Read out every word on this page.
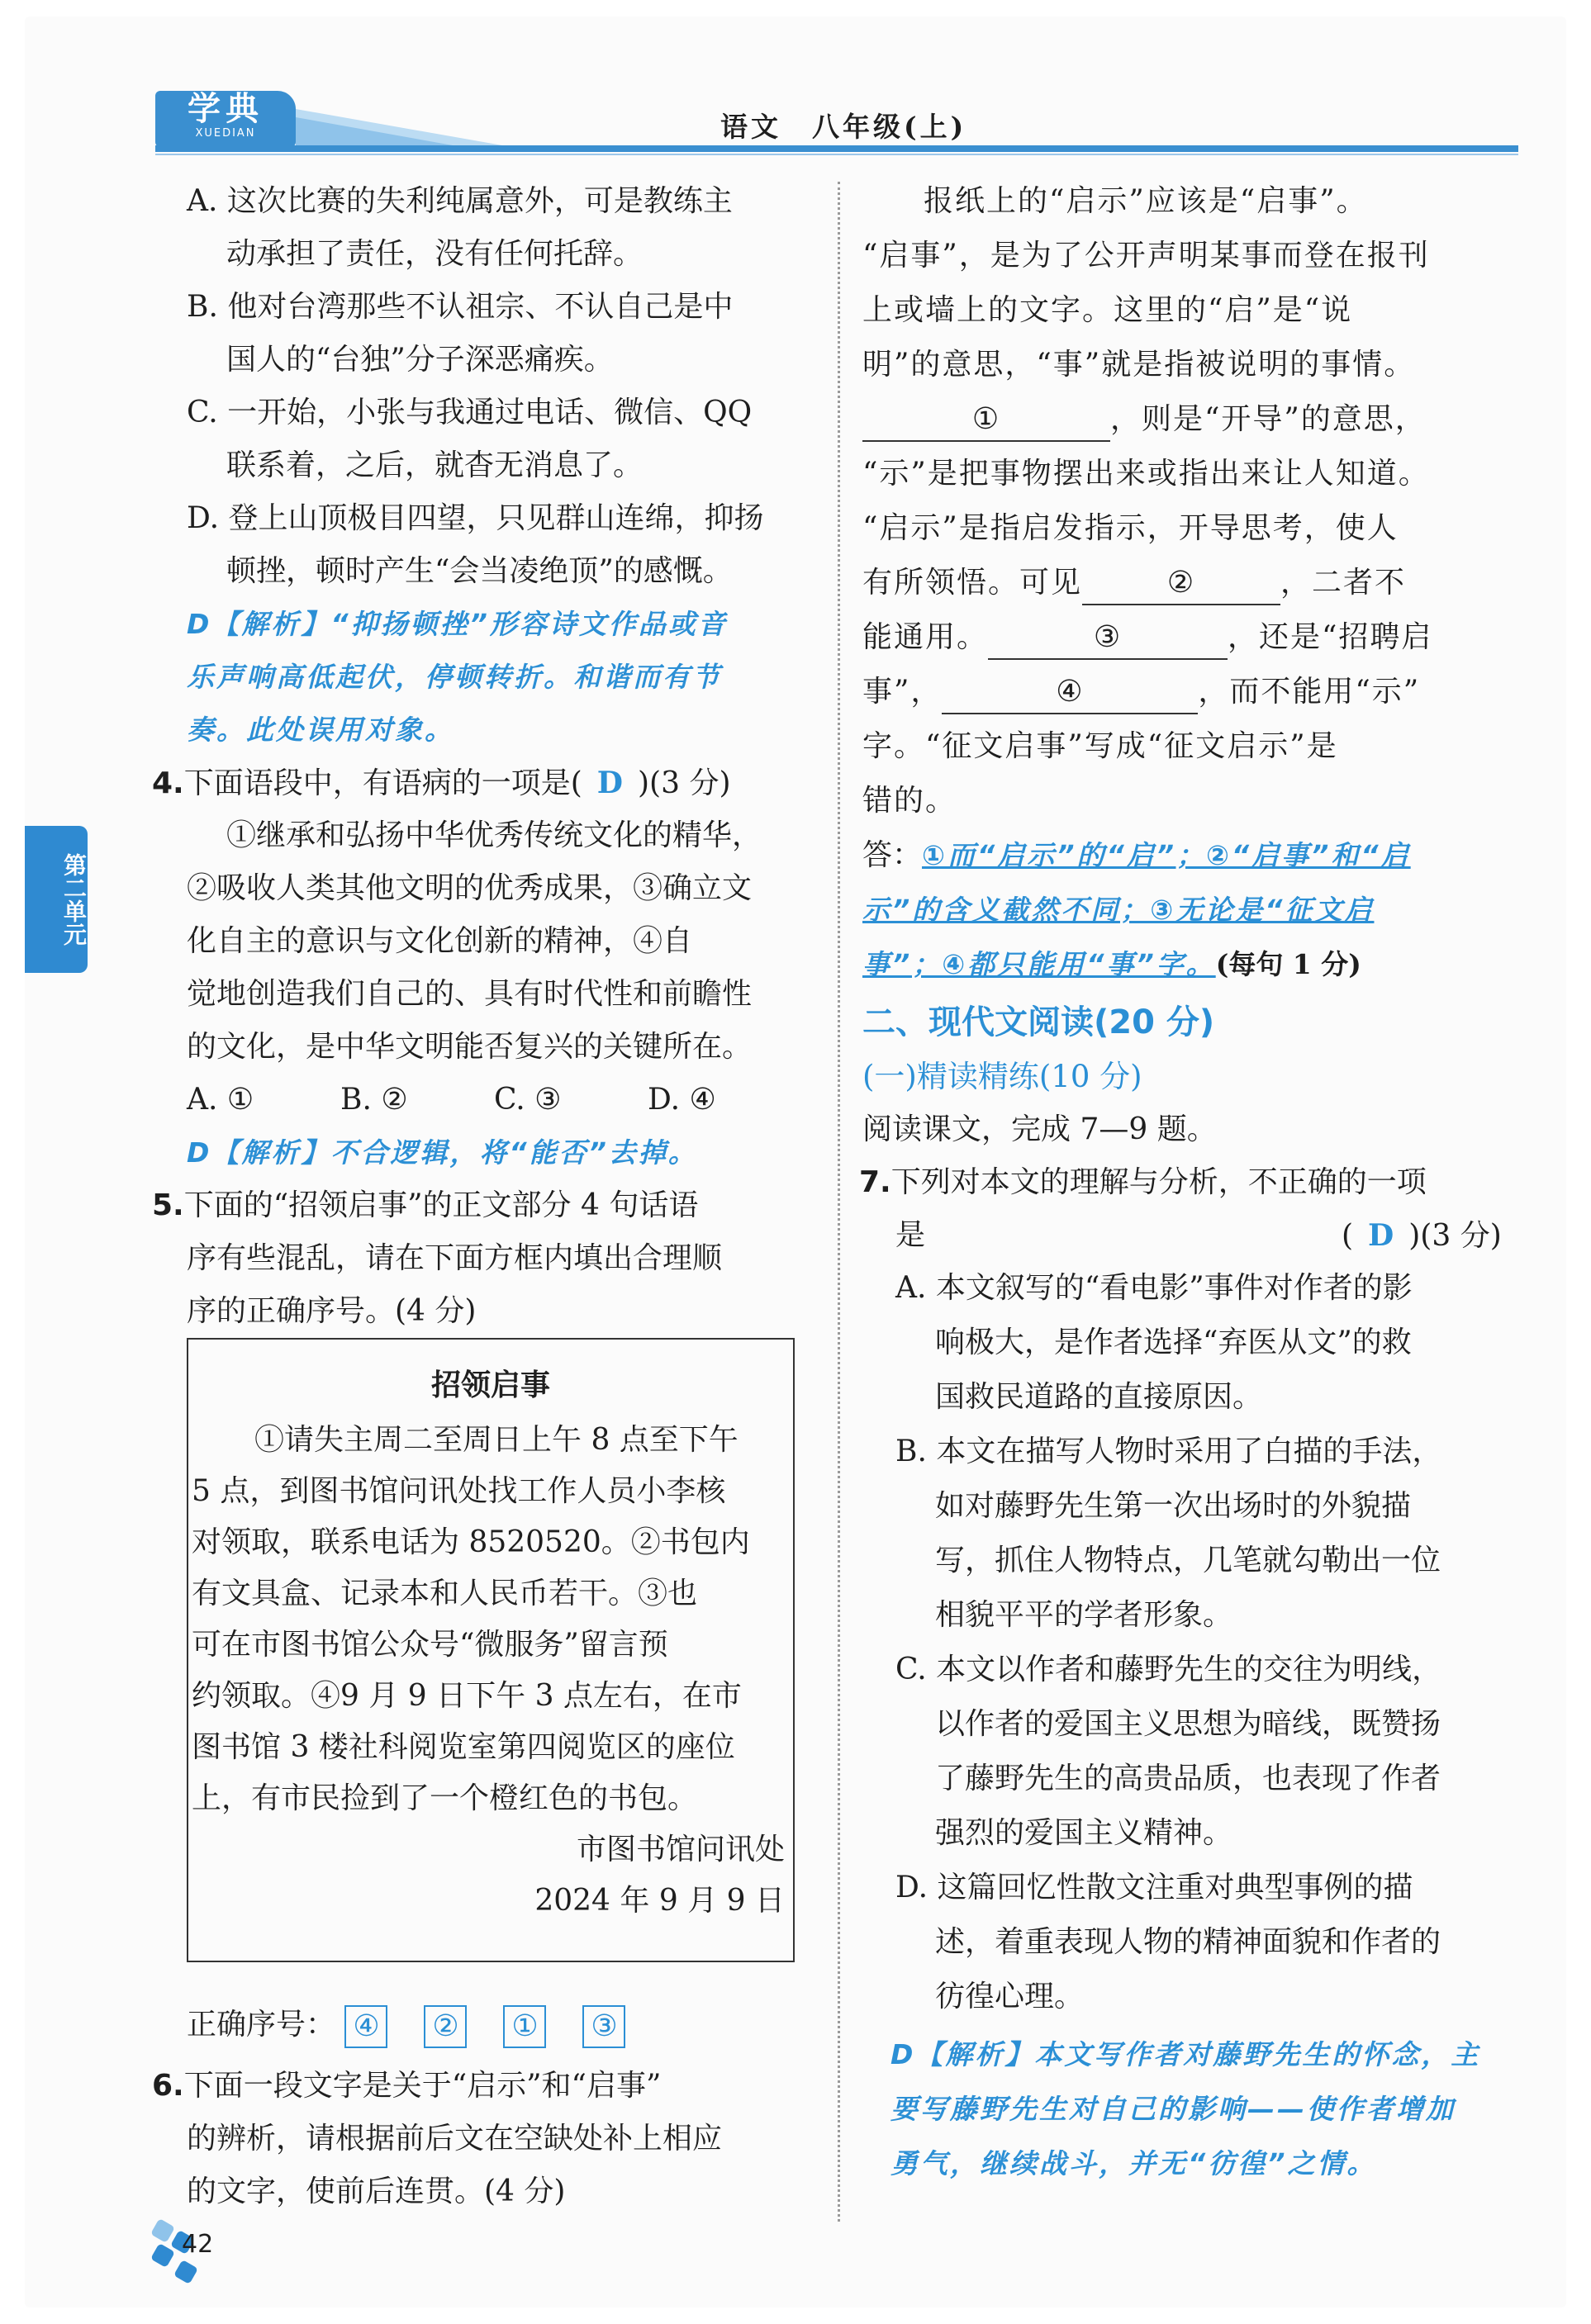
学典
XUEDIAN	语文　八年级(上)
第二单元
A. 这次比赛的失利纯属意外，可是教练主
动承担了责任，没有任何托辞。
B. 他对台湾那些不认祖宗、不认自己是中
国人的“台独”分子深恶痛疾。
C. 一开始，小张与我通过电话、微信、QQ
联系着，之后，就杳无消息了。
D. 登上山顶极目四望，只见群山连绵，抑扬
顿挫，顿时产生“会当凌绝顶”的感慨。
D【解析】“抑扬顿挫”形容诗文作品或音
乐声响高低起伏，停顿转折。和谐而有节
奏。此处误用对象。
4.下面语段中，有语病的一项是( D )(3 分)
①继承和弘扬中华优秀传统文化的精华，
②吸收人类其他文明的优秀成果，③确立文
化自主的意识与文化创新的精神，④自
觉地创造我们自己的、具有时代性和前瞻性
的文化，是中华文明能否复兴的关键所在。
A. ①	B. ②	C. ③	D. ④
D【解析】不合逻辑，将“能否”去掉。
5.下面的“招领启事”的正文部分 4 句话语
序有些混乱，请在下面方框内填出合理顺
序的正确序号。(4 分)
招领启事
①请失主周二至周日上午 8 点至下午
5 点，到图书馆问讯处找工作人员小李核
对领取，联系电话为 8520520。②书包内
有文具盒、记录本和人民币若干。③也
可在市图书馆公众号“微服务”留言预
约领取。④9 月 9 日下午 3 点左右，在市
图书馆 3 楼社科阅览室第四阅览区的座位
上，有市民捡到了一个橙红色的书包。
市图书馆问讯处
2024 年 9 月 9 日
正确序号： ④ ② ① ③
6.下面一段文字是关于“启示”和“启事”
的辨析，请根据前后文在空缺处补上相应
的文字，使前后连贯。(4 分)
报纸上的“启示”应该是“启事”。
“启事”，是为了公开声明某事而登在报刊
上或墙上的文字。这里的“启”是“说
明”的意思，“事”就是指被说明的事情。
①	，则是“开导”的意思，
“示”是把事物摆出来或指出来让人知道。
“启示”是指启发指示，开导思考，使人
有所领悟。可见	②	，二者不
能通用。	③	，还是“招聘启
事”，	④	，而不能用“示”
字。“征文启事”写成“征文启示”是
错的。
答：①而“启示”的“启”；②“启事”和“启
示”的含义截然不同；③无论是“征文启
事”；④都只能用“事”字。(每句 1 分)
二、现代文阅读(20 分)
(一)精读精练(10 分)
阅读课文，完成 7—9 题。
7.下列对本文的理解与分析，不正确的一项
是	( D )(3 分)
A. 本文叙写的“看电影”事件对作者的影
响极大，是作者选择“弃医从文”的救
国救民道路的直接原因。
B. 本文在描写人物时采用了白描的手法，
如对藤野先生第一次出场时的外貌描
写，抓住人物特点，几笔就勾勒出一位
相貌平平的学者形象。
C. 本文以作者和藤野先生的交往为明线，
以作者的爱国主义思想为暗线，既赞扬
了藤野先生的高贵品质，也表现了作者
强烈的爱国主义精神。
D. 这篇回忆性散文注重对典型事例的描
述，着重表现人物的精神面貌和作者的
彷徨心理。
D【解析】本文写作者对藤野先生的怀念，主
要写藤野先生对自己的影响——使作者增加
勇气，继续战斗，并无“彷徨”之情。
42
